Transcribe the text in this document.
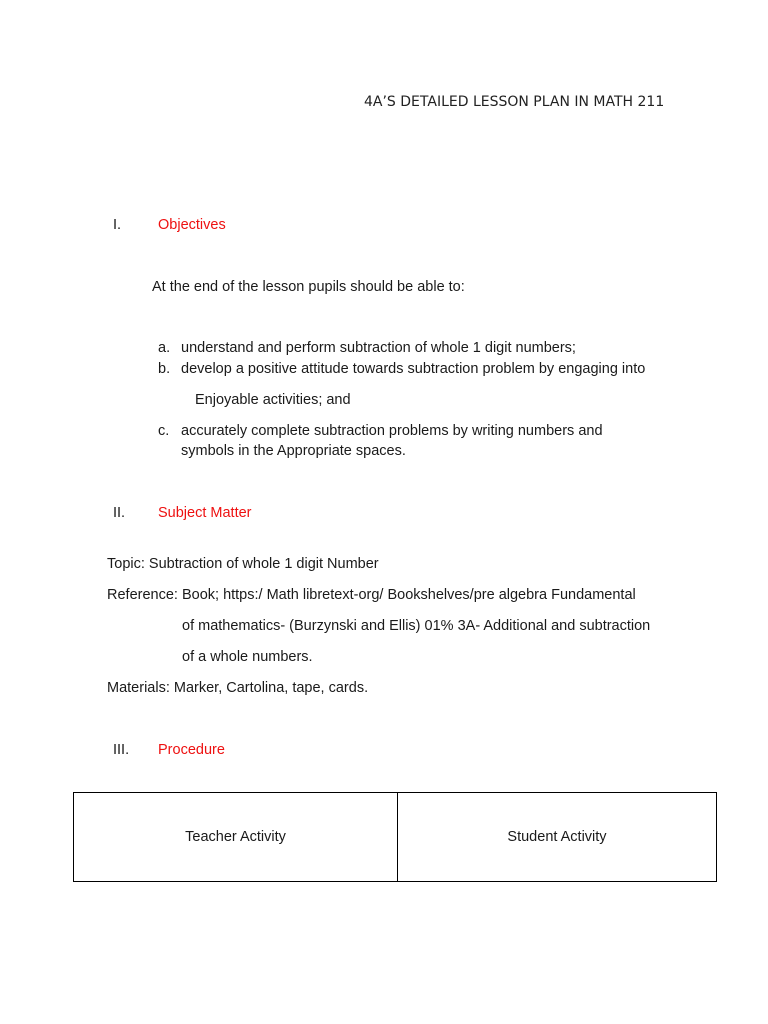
4A’S DETAILED LESSON PLAN IN MATH 211
I.	Objectives
At the end of the lesson pupils should be able to:
a. understand and perform subtraction of whole 1 digit numbers;
b. develop a positive attitude towards subtraction problem by engaging into
Enjoyable activities; and
c. accurately complete subtraction problems by writing numbers and
symbols in the Appropriate spaces.
II. Subject Matter
Topic: Subtraction of whole 1 digit Number
Reference: Book; https:/ Math libretext-org/ Bookshelves/pre algebra Fundamental
of mathematics- (Burzynski and Ellis) 01% 3A- Additional and subtraction
of a whole numbers.
Materials: Marker, Cartolina, tape, cards.
III. Procedure
Teacher Activity	Student Activity
